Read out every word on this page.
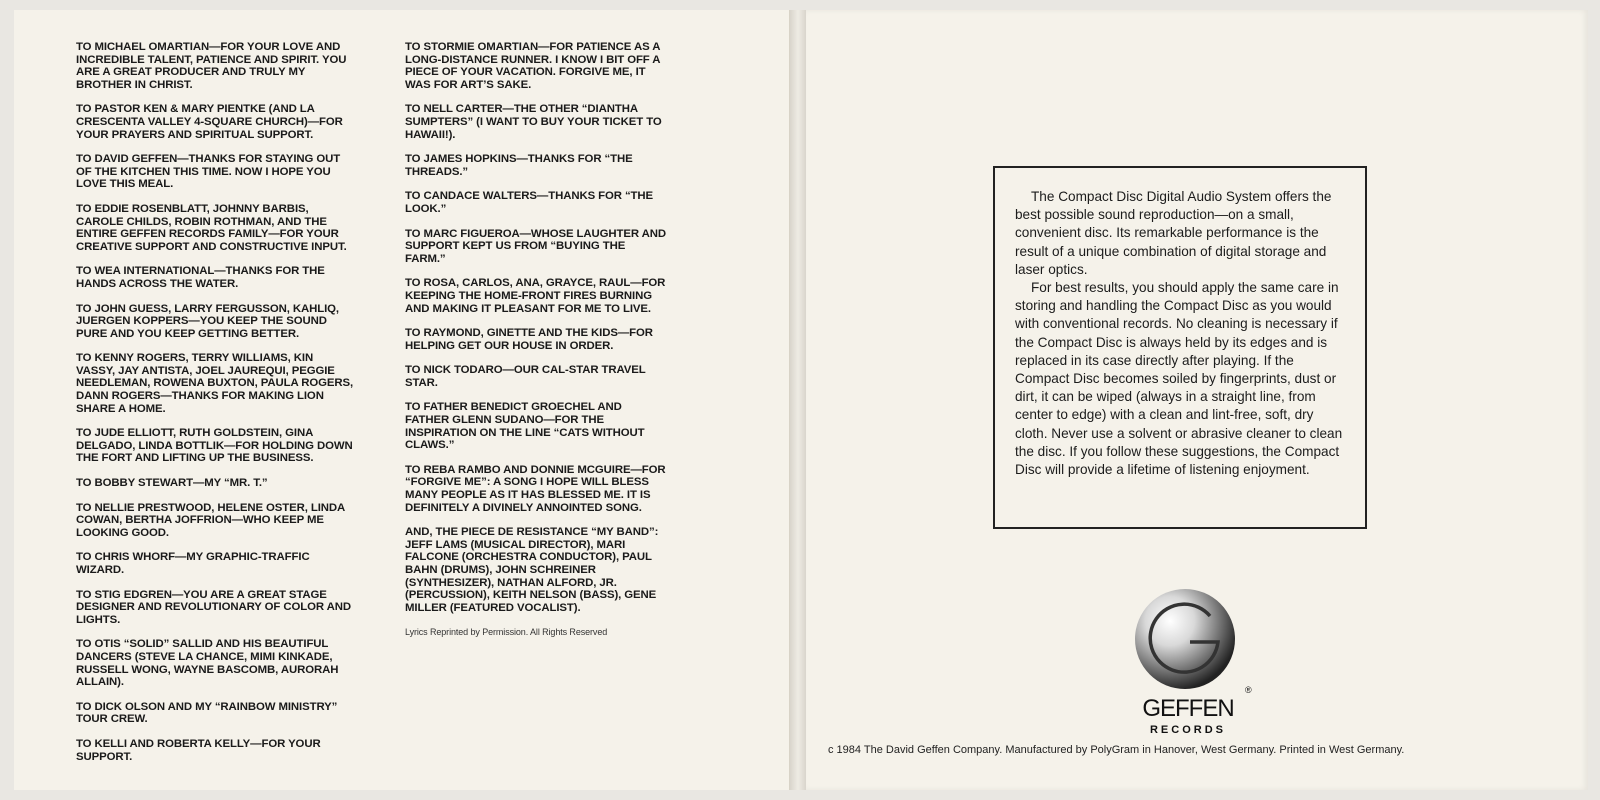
TO MICHAEL OMARTIAN—FOR YOUR LOVE AND INCREDIBLE TALENT, PATIENCE AND SPIRIT. YOU ARE A GREAT PRODUCER AND TRULY MY BROTHER IN CHRIST.

TO PASTOR KEN & MARY PIENTKE (AND LA CRESCENTA VALLEY 4-SQUARE CHURCH)—FOR YOUR PRAYERS AND SPIRITUAL SUPPORT.

TO DAVID GEFFEN—THANKS FOR STAYING OUT OF THE KITCHEN THIS TIME. NOW I HOPE YOU LOVE THIS MEAL.

TO EDDIE ROSENBLATT, JOHNNY BARBIS, CAROLE CHILDS, ROBIN ROTHMAN, AND THE ENTIRE GEFFEN RECORDS FAMILY—FOR YOUR CREATIVE SUPPORT AND CONSTRUCTIVE INPUT.

TO WEA INTERNATIONAL—THANKS FOR THE HANDS ACROSS THE WATER.

TO JOHN GUESS, LARRY FERGUSSON, KAHLIQ, JUERGEN KOPPERS—YOU KEEP THE SOUND PURE AND YOU KEEP GETTING BETTER.

TO KENNY ROGERS, TERRY WILLIAMS, KIN VASSY, JAY ANTISTA, JOEL JAUREQUI, PEGGIE NEEDLEMAN, ROWENA BUXTON, PAULA ROGERS, DANN ROGERS—THANKS FOR MAKING LION SHARE A HOME.

TO JUDE ELLIOTT, RUTH GOLDSTEIN, GINA DELGADO, LINDA BOTTLIK—FOR HOLDING DOWN THE FORT AND LIFTING UP THE BUSINESS.

TO BOBBY STEWART—MY “MR. T.”

TO NELLIE PRESTWOOD, HELENE OSTER, LINDA COWAN, BERTHA JOFFRION—WHO KEEP ME LOOKING GOOD.

TO CHRIS WHORF—MY GRAPHIC-TRAFFIC WIZARD.

TO STIG EDGREN—YOU ARE A GREAT STAGE DESIGNER AND REVOLUTIONARY OF COLOR AND LIGHTS.

TO OTIS “SOLID” SALLID AND HIS BEAUTIFUL DANCERS (STEVE LA CHANCE, MIMI KINKADE, RUSSELL WONG, WAYNE BASCOMB, AURORAH ALLAIN).

TO DICK OLSON AND MY “RAINBOW MINISTRY” TOUR CREW.

TO KELLI AND ROBERTA KELLY—FOR YOUR SUPPORT.

TO STORMIE OMARTIAN—FOR PATIENCE AS A LONG-DISTANCE RUNNER. I KNOW I BIT OFF A PIECE OF YOUR VACATION. FORGIVE ME, IT WAS FOR ART’S SAKE.

TO NELL CARTER—THE OTHER “DIANTHA SUMPTERS” (I WANT TO BUY YOUR TICKET TO HAWAII!).

TO JAMES HOPKINS—THANKS FOR “THE THREADS.”

TO CANDACE WALTERS—THANKS FOR “THE LOOK.”

TO MARC FIGUEROA—WHOSE LAUGHTER AND SUPPORT KEPT US FROM “BUYING THE FARM.”

TO ROSA, CARLOS, ANA, GRAYCE, RAUL—FOR KEEPING THE HOME-FRONT FIRES BURNING AND MAKING IT PLEASANT FOR ME TO LIVE.

TO RAYMOND, GINETTE AND THE KIDS—FOR HELPING GET OUR HOUSE IN ORDER.

TO NICK TODARO—OUR CAL-STAR TRAVEL STAR.

TO FATHER BENEDICT GROECHEL AND FATHER GLENN SUDANO—FOR THE INSPIRATION ON THE LINE “CATS WITHOUT CLAWS.”

TO REBA RAMBO AND DONNIE MCGUIRE—FOR “FORGIVE ME”: A SONG I HOPE WILL BLESS MANY PEOPLE AS IT HAS BLESSED ME. IT IS DEFINITELY A DIVINELY ANNOINTED SONG.

AND, THE PIECE DE RESISTANCE “MY BAND”: JEFF LAMS (MUSICAL DIRECTOR), MARI FALCONE (ORCHESTRA CONDUCTOR), PAUL BAHN (DRUMS), JOHN SCHREINER (SYNTHESIZER), NATHAN ALFORD, JR. (PERCUSSION), KEITH NELSON (BASS), GENE MILLER (FEATURED VOCALIST).

Lyrics Reprinted by Permission. All Rights Reserved

The Compact Disc Digital Audio System offers the best possible sound reproduction—on a small, convenient disc. Its remarkable performance is the result of a unique combination of digital storage and laser optics.

For best results, you should apply the same care in storing and handling the Compact Disc as you would with conventional records. No cleaning is necessary if the Compact Disc is always held by its edges and is replaced in its case directly after playing. If the Compact Disc becomes soiled by fingerprints, dust or dirt, it can be wiped (always in a straight line, from center to edge) with a clean and lint-free, soft, dry cloth. Never use a solvent or abrasive cleaner to clean the disc. If you follow these suggestions, the Compact Disc will provide a lifetime of listening enjoyment.

®
GEFFEN
RECORDS
c 1984 The David Geffen Company. Manufactured by PolyGram in Hanover, West Germany. Printed in West Germany.
